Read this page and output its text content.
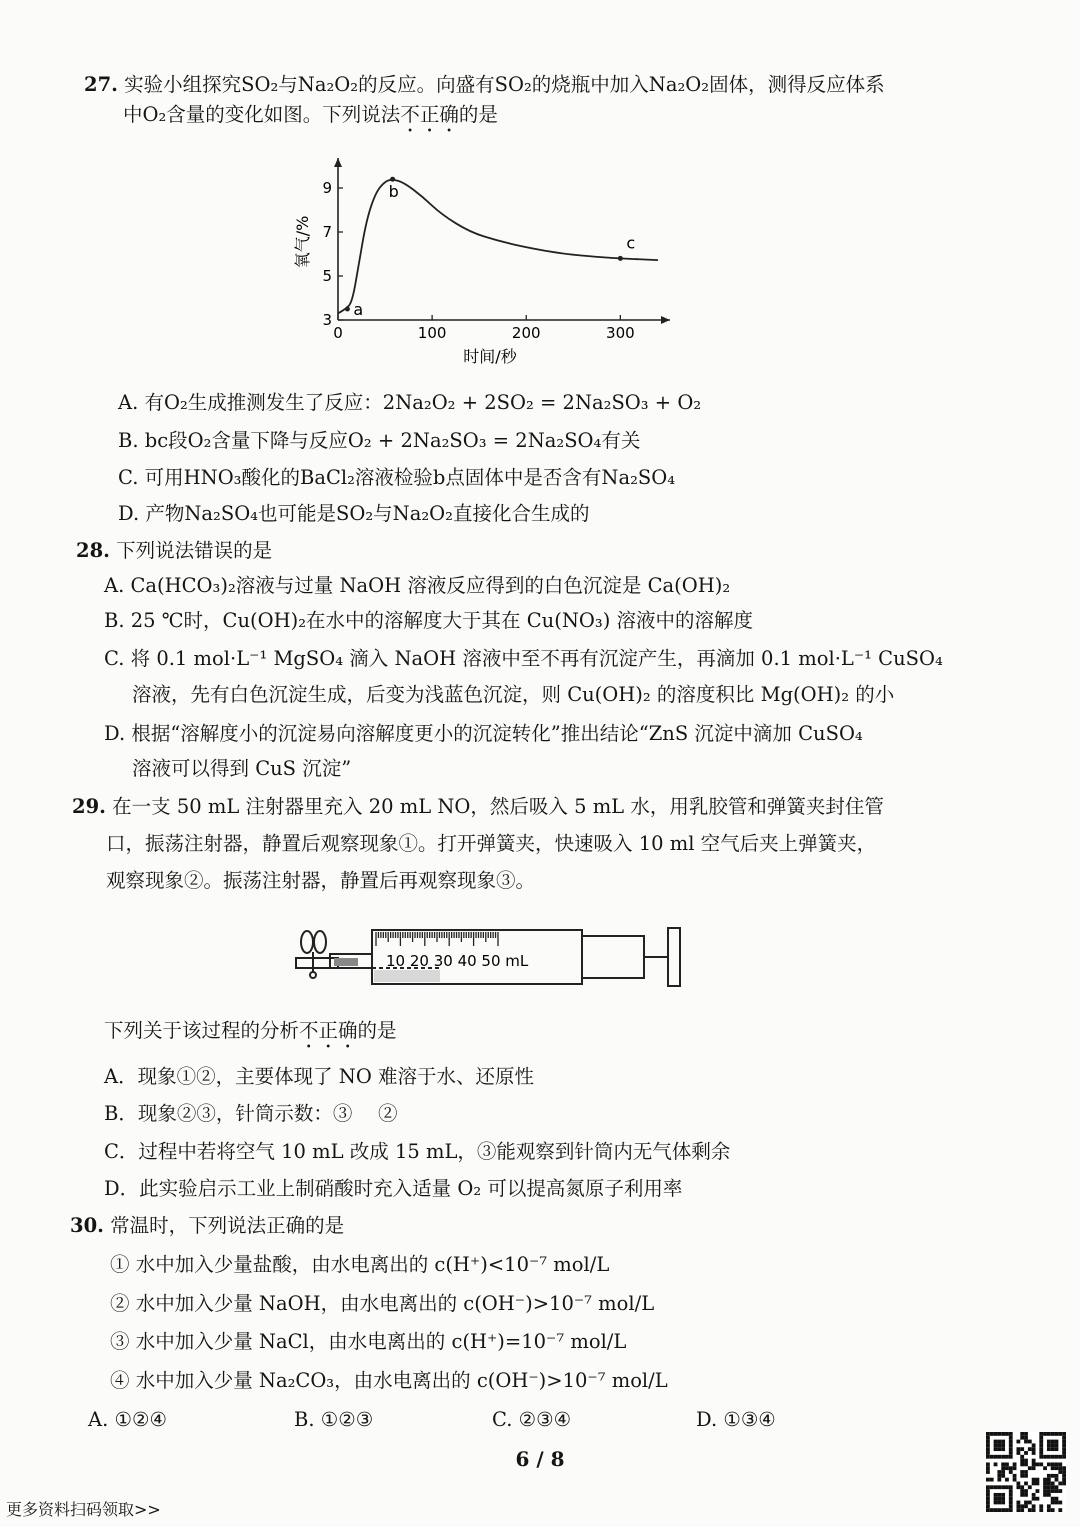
27. 实验小组探究SO₂与Na₂O₂的反应。向盛有SO₂的烧瓶中加入Na₂O₂固体，测得反应体系
中O₂含量的变化如图。下列说法不正确的是
0	100	200	300
3
5
7
9
a
b
c
时间/秒
氧气/%
A. 有O₂生成推测发生了反应：2Na₂O₂ + 2SO₂ = 2Na₂SO₃ + O₂
B. bc段O₂含量下降与反应O₂ + 2Na₂SO₃ = 2Na₂SO₄有关
C. 可用HNO₃酸化的BaCl₂溶液检验b点固体中是否含有Na₂SO₄
D. 产物Na₂SO₄也可能是SO₂与Na₂O₂直接化合生成的
28. 下列说法错误的是
A. Ca(HCO₃)₂溶液与过量 NaOH 溶液反应得到的白色沉淀是 Ca(OH)₂
B. 25 ℃时，Cu(OH)₂在水中的溶解度大于其在 Cu(NO₃) 溶液中的溶解度
C. 将 0.1 mol·L⁻¹ MgSO₄ 滴入 NaOH 溶液中至不再有沉淀产生，再滴加 0.1 mol·L⁻¹ CuSO₄
溶液，先有白色沉淀生成，后变为浅蓝色沉淀，则 Cu(OH)₂ 的溶度积比 Mg(OH)₂ 的小
D. 根据“溶解度小的沉淀易向溶解度更小的沉淀转化”推出结论“ZnS 沉淀中滴加 CuSO₄
溶液可以得到 CuS 沉淀”
29. 在一支 50 mL 注射器里充入 20 mL NO，然后吸入 5 mL 水，用乳胶管和弹簧夹封住管
口，振荡注射器，静置后观察现象①。打开弹簧夹，快速吸入 10 ml 空气后夹上弹簧夹，
观察现象②。振荡注射器，静置后再观察现象③。
10 20 30 40 50 mL
下列关于该过程的分析不正确的是
A．现象①②，主要体现了 NO 难溶于水、还原性
B．现象②③，针筒示数：③　 ②
C．过程中若将空气 10 mL 改成 15 mL，③能观察到针筒内无气体剩余
D．此实验启示工业上制硝酸时充入适量 O₂ 可以提高氮原子利用率
30. 常温时，下列说法正确的是
① 水中加入少量盐酸，由水电离出的 c(H⁺)<10⁻⁷ mol/L
② 水中加入少量 NaOH，由水电离出的 c(OH⁻)>10⁻⁷ mol/L
③ 水中加入少量 NaCl，由水电离出的 c(H⁺)=10⁻⁷ mol/L
④ 水中加入少量 Na₂CO₃，由水电离出的 c(OH⁻)>10⁻⁷ mol/L
A. ①②④	B. ①②③	C. ②③④	D. ①③④
6 / 8
更多资料扫码领取>>
